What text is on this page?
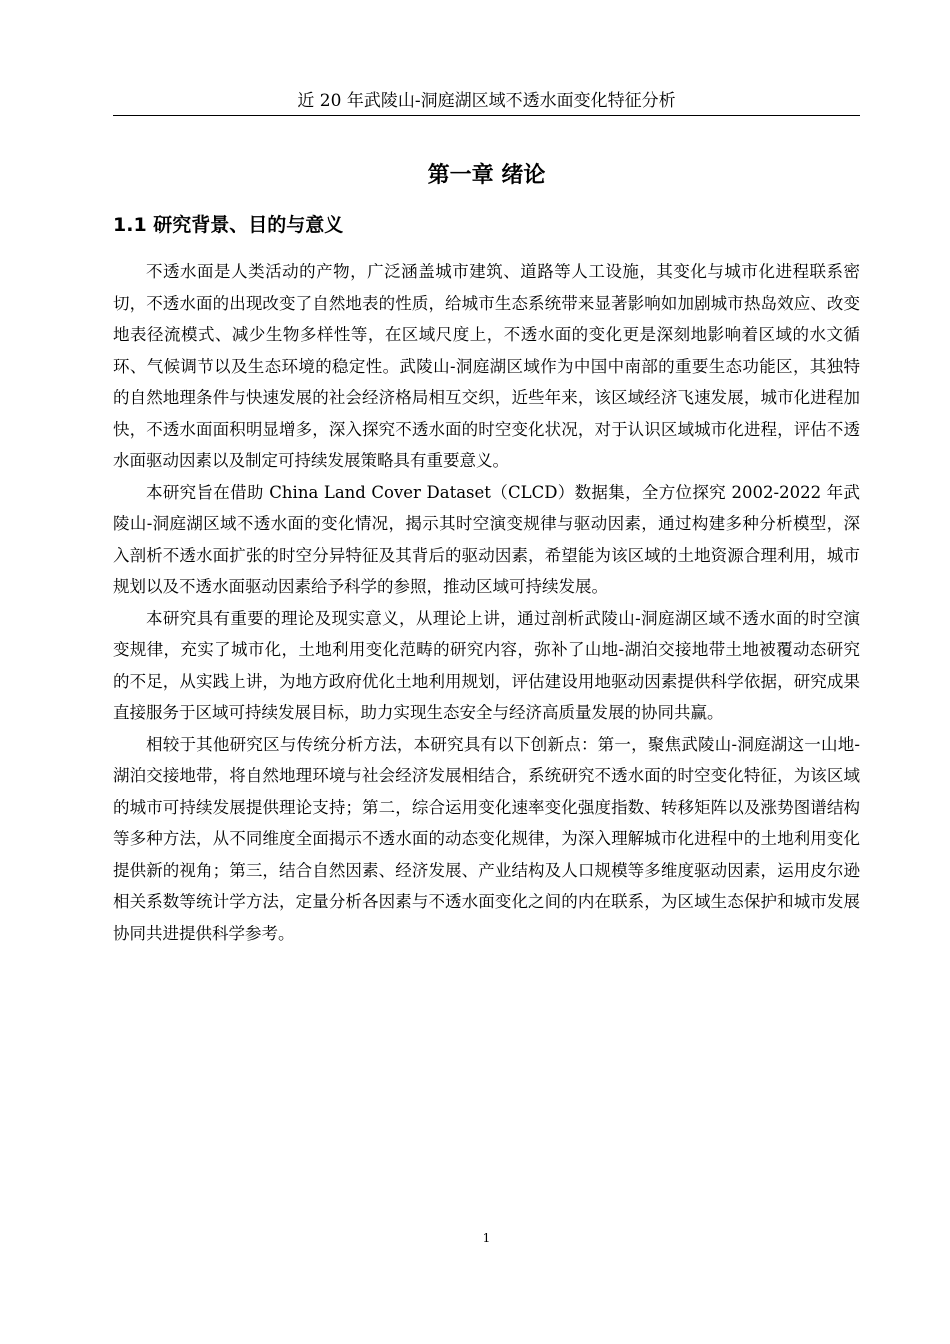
近 20 年武陵山-洞庭湖区域不透水面变化特征分析
第一章 绪论
1.1 研究背景、目的与意义

不透水面是人类活动的产物，广泛涵盖城市建筑、道路等人工设施，其变化与城市化进程联系密切，不透水面的出现改变了自然地表的性质，给城市生态系统带来显著影响如加剧城市热岛效应、改变地表径流模式、减少生物多样性等，在区域尺度上，不透水面的变化更是深刻地影响着区域的水文循环、气候调节以及生态环境的稳定性。武陵山-洞庭湖区域作为中国中南部的重要生态功能区，其独特的自然地理条件与快速发展的社会经济格局相互交织，近些年来，该区域经济飞速发展，城市化进程加快，不透水面面积明显增多，深入探究不透水面的时空变化状况，对于认识区域城市化进程，评估不透水面驱动因素以及制定可持续发展策略具有重要意义。

本研究旨在借助 China Land Cover Dataset（CLCD）数据集，全方位探究 2002-2022 年武陵山-洞庭湖区域不透水面的变化情况，揭示其时空演变规律与驱动因素，通过构建多种分析模型，深入剖析不透水面扩张的时空分异特征及其背后的驱动因素，希望能为该区域的土地资源合理利用，城市规划以及不透水面驱动因素给予科学的参照，推动区域可持续发展。

本研究具有重要的理论及现实意义，从理论上讲，通过剖析武陵山-洞庭湖区域不透水面的时空演变规律，充实了城市化，土地利用变化范畴的研究内容，弥补了山地-湖泊交接地带土地被覆动态研究的不足，从实践上讲，为地方政府优化土地利用规划，评估建设用地驱动因素提供科学依据，研究成果直接服务于区域可持续发展目标，助力实现生态安全与经济高质量发展的协同共赢。

相较于其他研究区与传统分析方法，本研究具有以下创新点：第一，聚焦武陵山-洞庭湖这一山地-湖泊交接地带，将自然地理环境与社会经济发展相结合，系统研究不透水面的时空变化特征，为该区域的城市可持续发展提供理论支持；第二，综合运用变化速率变化强度指数、转移矩阵以及涨势图谱结构等多种方法，从不同维度全面揭示不透水面的动态变化规律，为深入理解城市化进程中的土地利用变化提供新的视角；第三，结合自然因素、经济发展、产业结构及人口规模等多维度驱动因素，运用皮尔逊相关系数等统计学方法，定量分析各因素与不透水面变化之间的内在联系，为区域生态保护和城市发展协同共进提供科学参考。

1
